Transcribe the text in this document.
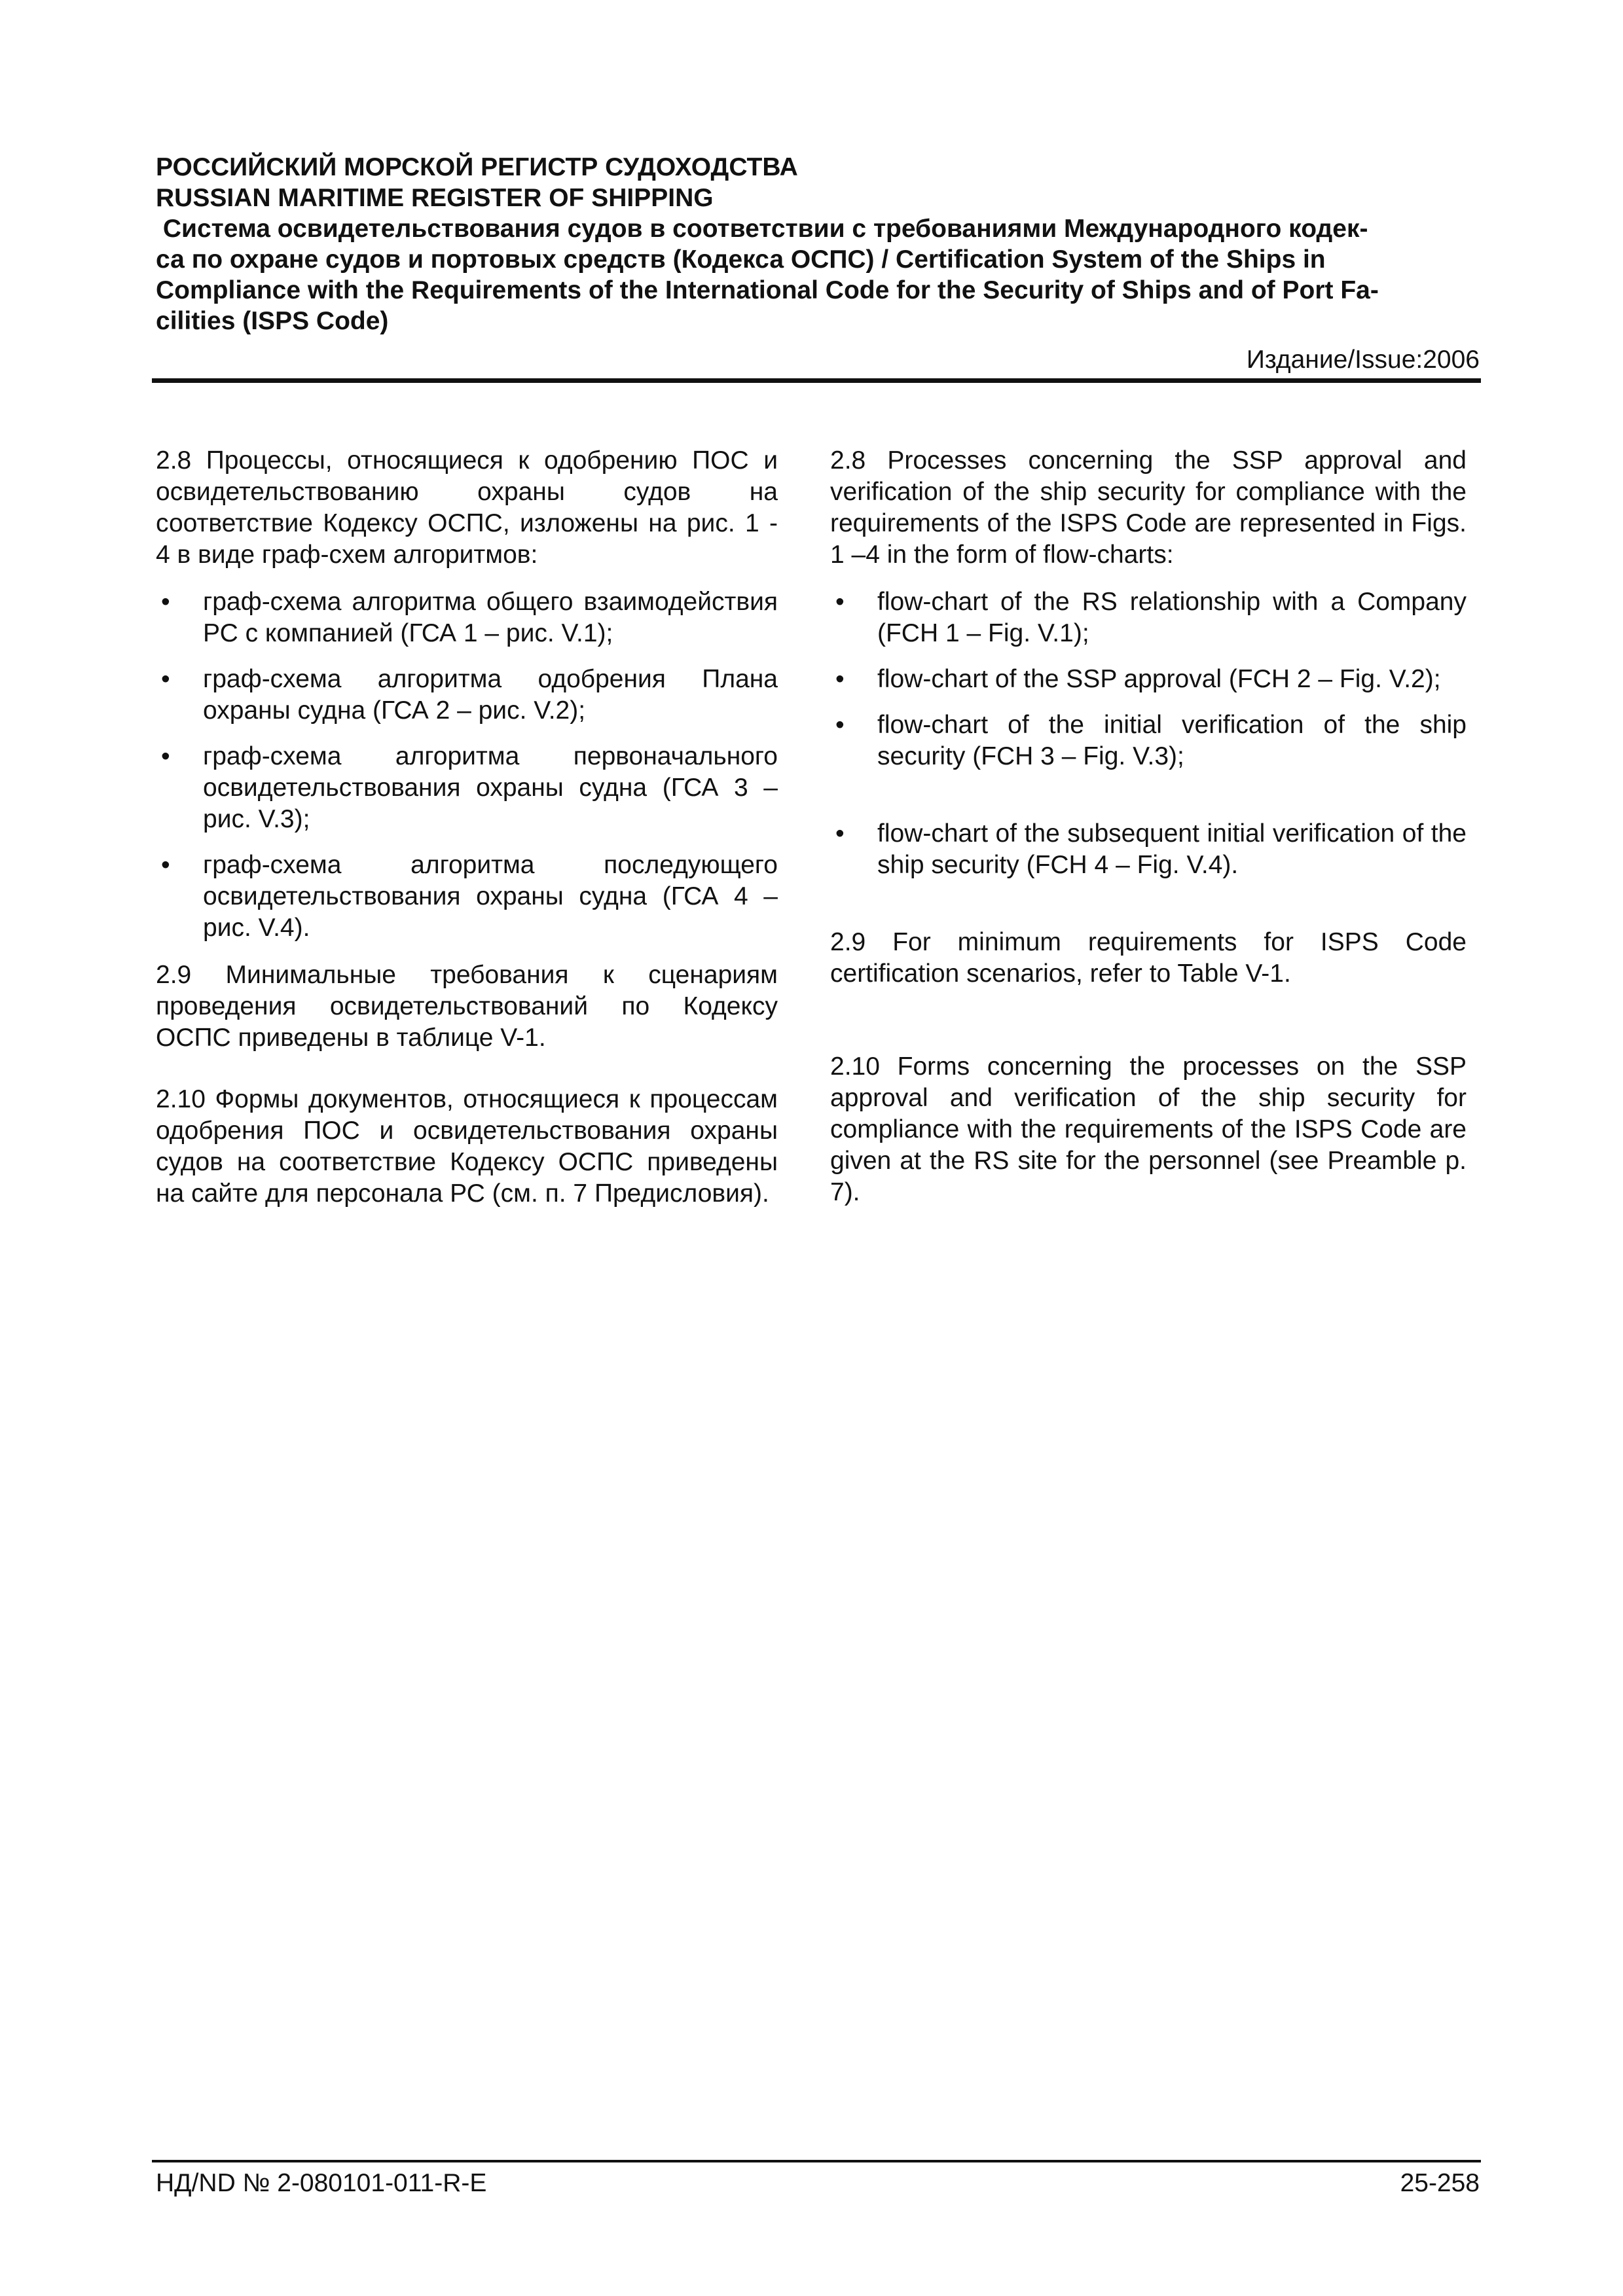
РОССИЙСКИЙ МОРСКОЙ РЕГИСТР СУДОХОДСТВА
RUSSIAN MARITIME REGISTER OF SHIPPING
Система освидетельствования судов в соответствии с требованиями Международного кодек-
са по охране судов и портовых средств (Кодекса ОСПС) / Certification System of the Ships in
Compliance with the Requirements of the International Code for the Security of Ships and of Port Fa-
cilities (ISPS Code)
Издание/Issue:2006

2.8 Процессы, относящиеся к одобрению ПОС и освидетельствованию охраны судов на соответствие Кодексу ОСПС, изложены на рис. 1 - 4 в виде граф-схем алгоритмов:

•	граф-схема алгоритма общего взаимодействия РС с компанией (ГСА 1 – рис. V.1);
•	граф-схема алгоритма одобрения Плана охраны судна (ГСА 2 – рис. V.2);
•	граф-схема алгоритма первоначального освидетельствования охраны судна (ГСА 3 – рис. V.3);
•	граф-схема алгоритма последующего освидетельствования охраны судна (ГСА 4 – рис. V.4).

2.9 Минимальные требования к сценариям проведения освидетельствований по Кодексу ОСПС приведены в таблице V-1.

2.10 Формы документов, относящиеся к процессам одобрения ПОС и освидетельствования охраны судов на соответствие Кодексу ОСПС приведены на сайте для персонала РС (см. п. 7 Предисловия).

2.8 Processes concerning the SSP approval and verification of the ship security for compliance with the requirements of the ISPS Code are represented in Figs. 1 –4 in the form of flow-charts:

•	flow-chart of the RS relationship with a Company (FCH 1 – Fig. V.1);
•	flow-chart of the SSP approval (FCH 2 – Fig. V.2);
•	flow-chart of the initial verification of the ship security (FCH 3 – Fig. V.3);
•	flow-chart of the subsequent initial verification of the ship security (FCH 4 – Fig. V.4).

2.9 For minimum requirements for ISPS Code certification scenarios, refer to Table V-1.

2.10 Forms concerning the processes on the SSP approval and verification of the ship security for compliance with the requirements of the ISPS Code are given at the RS site for the personnel (see Preamble p. 7).

НД/ND № 2-080101-011-R-E	25-258
